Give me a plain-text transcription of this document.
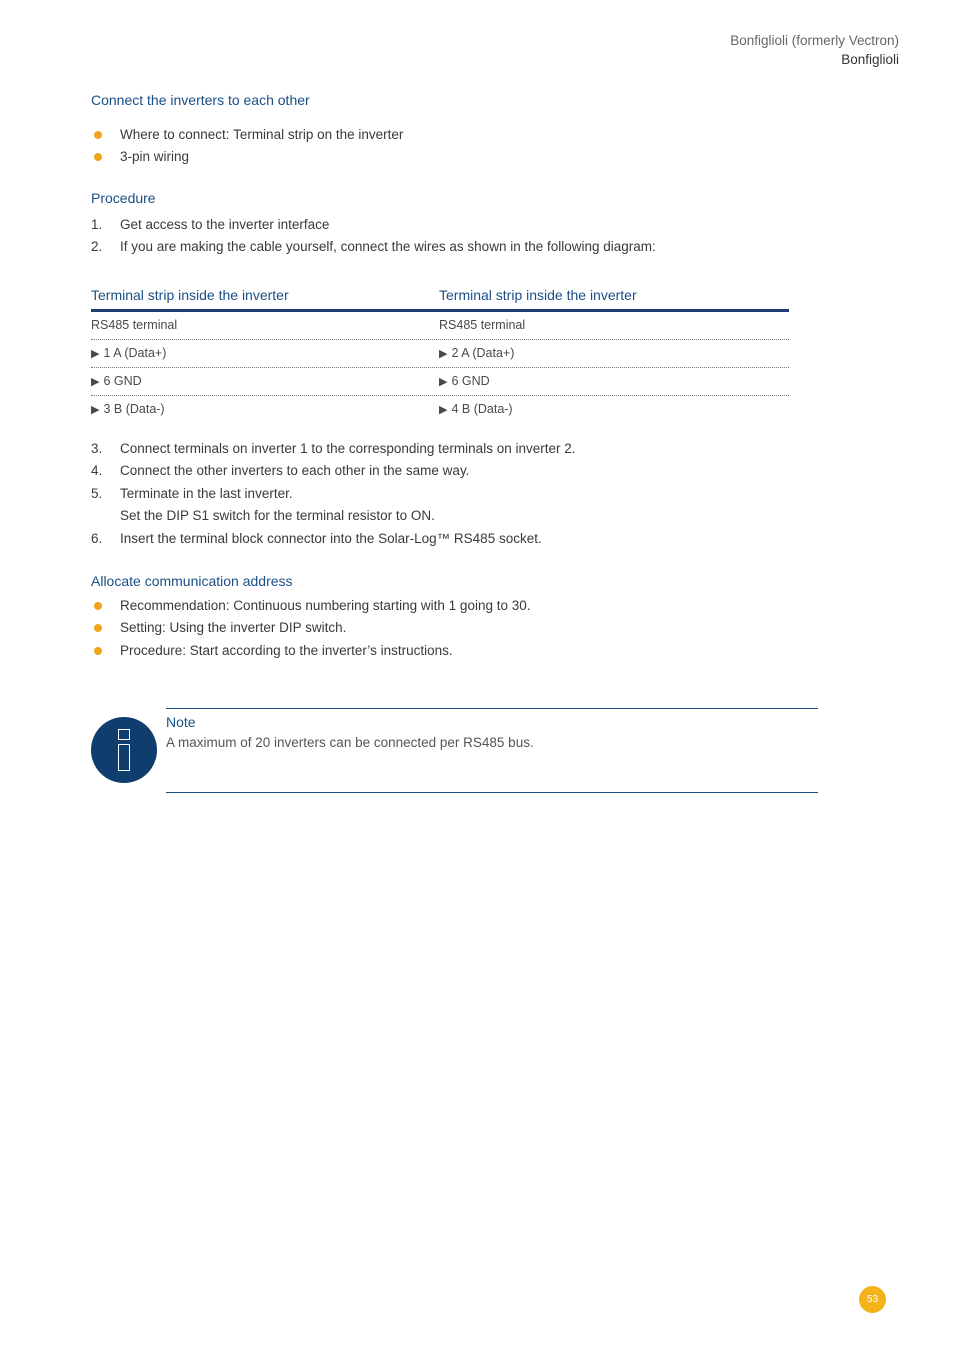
Bonfiglioli (formerly Vectron)
Bonfiglioli
Connect the inverters to each other
Where to connect: Terminal strip on the inverter
3-pin wiring
Procedure
1. Get access to the inverter interface
2. If you are making the cable yourself, connect the wires as shown in the following diagram:
Terminal strip inside the inverter	Terminal strip inside the inverter
RS485 terminal	RS485 terminal
▶ 1 A (Data+)	▶ 2 A (Data+)
▶ 6 GND	▶ 6 GND
▶ 3 B (Data-)	▶ 4 B (Data-)
3. Connect terminals on inverter 1 to the corresponding terminals on inverter 2.
4. Connect the other inverters to each other in the same way.
5. Terminate in the last inverter.
Set the DIP S1 switch for the terminal resistor to ON.
6. Insert the terminal block connector into the Solar-Log™ RS485 socket.
Allocate communication address
Recommendation: Continuous numbering starting with 1 going to 30.
Setting: Using the inverter DIP switch.
Procedure: Start according to the inverter’s instructions.
Note
A maximum of 20 inverters can be connected per RS485 bus.
53
